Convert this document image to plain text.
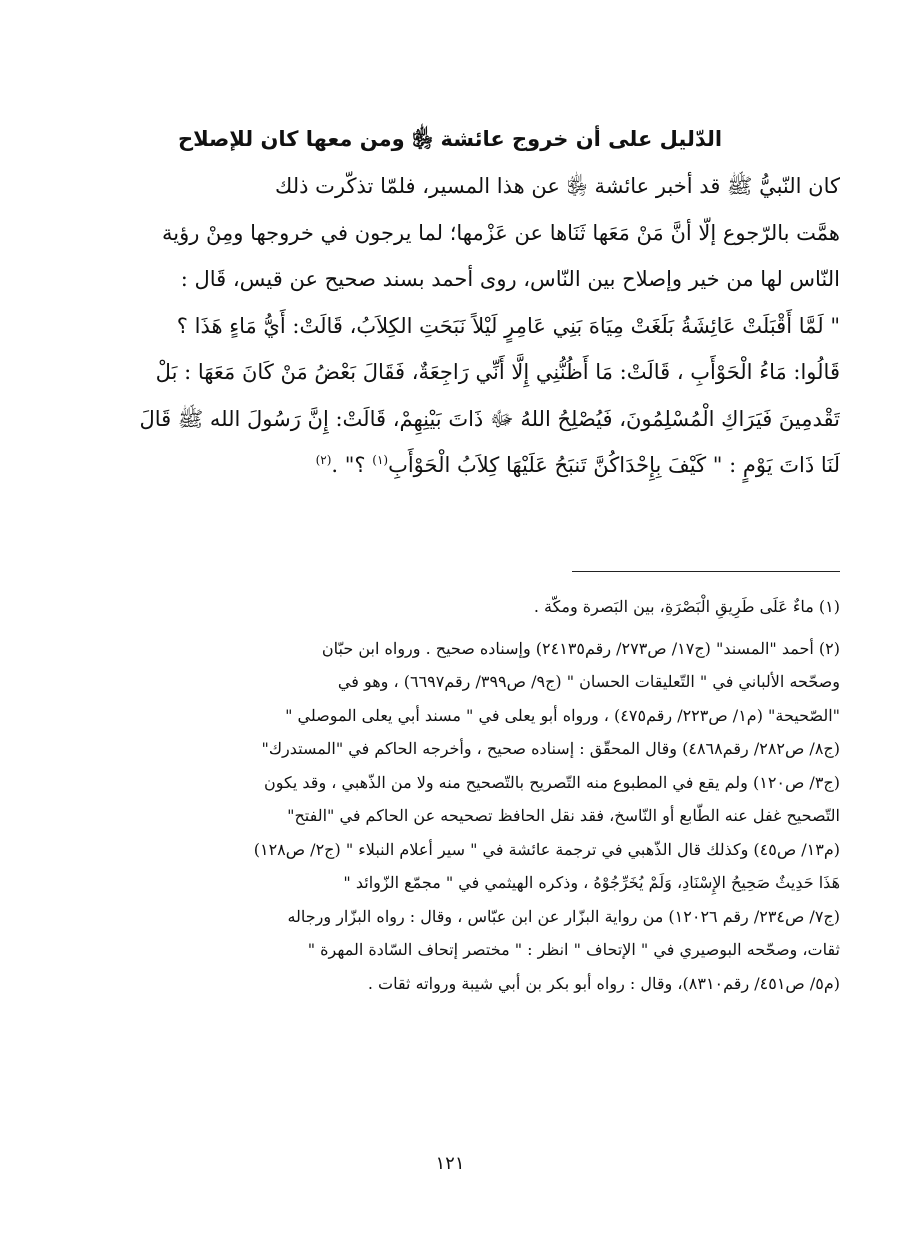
الدّليل على أن خروج عائشة ﵂ ومن معها كان للإصلاح
كان النّبيُّ ﷺ قد أخبر عائشة ﵂ عن هذا المسير، فلمّا تذكّرت ذلك
همَّت بالرّجوع إلّا أنَّ مَنْ مَعَها ثَنَاها عن عَزْمها؛ لما يرجون في خروجها ومِنْ رؤية
النّاس لها من خير وإصلاح بين النّاس، روى أحمد بسند صحيح عن قيس، قَال :
" لَمَّا أَقْبَلَتْ عَائِشَةُ بَلَغَتْ مِيَاهَ بَنِي عَامِرٍ لَيْلاً نَبَحَتِ الكِلاَبُ، قَالَتْ: أَيُّ مَاءٍ هَذَا ؟
قَالُوا: مَاءُ الْحَوْأَبِ ، قَالَتْ: مَا أَظُنُّنِي إِلَّا أَنِّي رَاجِعَةٌ، فَقَالَ بَعْضُ مَنْ كَانَ مَعَهَا : بَلْ
تَقْدمِينَ فَيَرَاكِ الْمُسْلِمُونَ، فَيُصْلِحُ اللهُ ﷻ ذَاتَ بَيْنِهِمْ، قَالَتْ: إِنَّ رَسُولَ الله ﷺ قَالَ
لَنَا ذَاتَ يَوْمٍ : " كَيْفَ بِإِحْدَاكُنَّ تَنبَحُ عَلَيْهَا كِلاَبُ الْحَوْأَبِ$^{(١)}$ ؟" .$^{(٢)}$
(١) ماءٌ عَلَى طَرِيقِ الْبَصْرَةِ، بين البَصرة ومكّة .
(٢) أحمد "المسند" (ج١٧/ ص٢٧٣/ رقم٢٤١٣٥) وإسناده صحيح . ورواه ابن حبّان
وصحّحه الألباني في " التّعليقات الحسان " (ج٩/ ص٣٩٩/ رقم٦٦٩٧) ، وهو في
"الصّحيحة" (م١/ ص٢٢٣/ رقم٤٧٥) ، ورواه أبو يعلى في " مسند أبي يعلى الموصلي "
(ج٨/ ص٢٨٢/ رقم٤٨٦٨) وقال المحقّق : إسناده صحيح ، وأخرجه الحاكم في "المستدرك"
(ج٣/ ص١٢٠) ولم يقع في المطبوع منه التّصريح بالتّصحيح منه ولا من الذّهبي ، وقد يكون
التّصحيح غفل عنه الطّابع أو النّاسخ، فقد نقل الحافظ تصحيحه عن الحاكم في "الفتح"
(م١٣/ ص٤٥) وكذلك قال الذّهبي في ترجمة عائشة في " سير أعلام النبلاء " (ج٢/ ص١٢٨)
هَذَا حَدِيثٌ صَحِيحُ الإِسْنَادِ، وَلَمْ يُخَرِّجُوْهُ ، وذكره الهيثمي في " مجمّع الزّوائد "
(ج٧/ ص٢٣٤/ رقم ١٢٠٢٦) من رواية البزّار عن ابن عبّاس ، وقال : رواه البزّار ورجاله
ثقات، وصحّحه البوصيري في " الإتحاف " انظر : " مختصر إتحاف السّادة المهرة "
(م٥/ ص٤٥١/ رقم٨٣١٠)، وقال : رواه أبو بكر بن أبي شيبة ورواته ثقات .
١٢١
